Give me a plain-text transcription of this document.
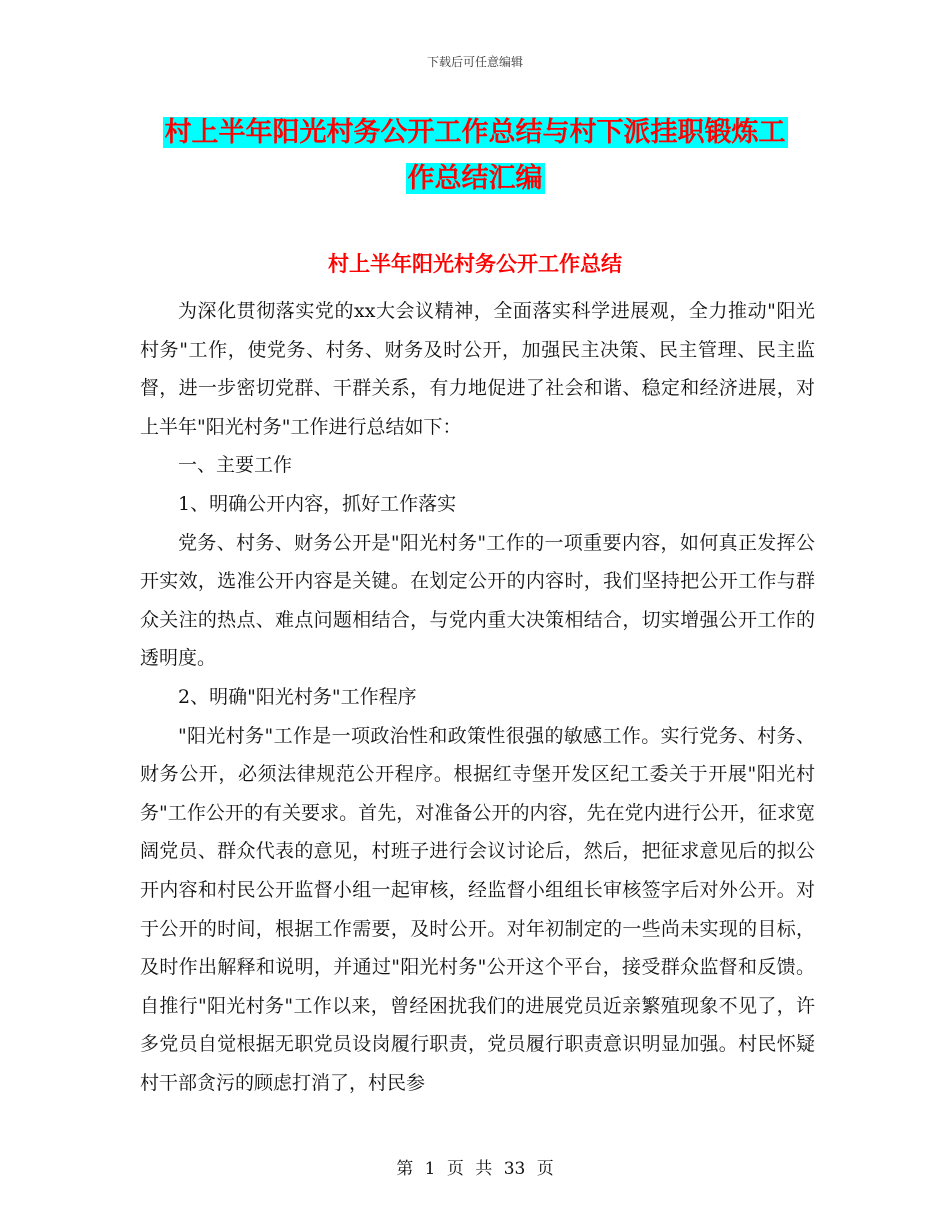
下载后可任意编辑
村上半年阳光村务公开工作总结与村下派挂职锻炼工
作总结汇编
村上半年阳光村务公开工作总结

为深化贯彻落实党的xx大会议精神，全面落实科学进展观，全力推动"阳光村务"工作，使党务、村务、财务及时公开，加强民主决策、民主管理、民主监督，进一步密切党群、干群关系，有力地促进了社会和谐、稳定和经济进展，对上半年"阳光村务"工作进行总结如下：

一、主要工作

1、明确公开内容，抓好工作落实

党务、村务、财务公开是"阳光村务"工作的一项重要内容，如何真正发挥公开实效，选准公开内容是关键。在划定公开的内容时，我们坚持把公开工作与群众关注的热点、难点问题相结合，与党内重大决策相结合，切实增强公开工作的透明度。

2、明确"阳光村务"工作程序

"阳光村务"工作是一项政治性和政策性很强的敏感工作。实行党务、村务、财务公开，必须法律规范公开程序。根据红寺堡开发区纪工委关于开展"阳光村务"工作公开的有关要求。首先，对准备公开的内容，先在党内进行公开，征求宽阔党员、群众代表的意见，村班子进行会议讨论后，然后，把征求意见后的拟公开内容和村民公开监督小组一起审核，经监督小组组长审核签字后对外公开。对于公开的时间，根据工作需要，及时公开。对年初制定的一些尚未实现的目标，及时作出解释和说明，并通过"阳光村务"公开这个平台，接受群众监督和反馈。自推行"阳光村务"工作以来，曾经困扰我们的进展党员近亲繁殖现象不见了，许多党员自觉根据无职党员设岗履行职责，党员履行职责意识明显加强。村民怀疑村干部贪污的顾虑打消了，村民参

第 1 页 共 33 页
